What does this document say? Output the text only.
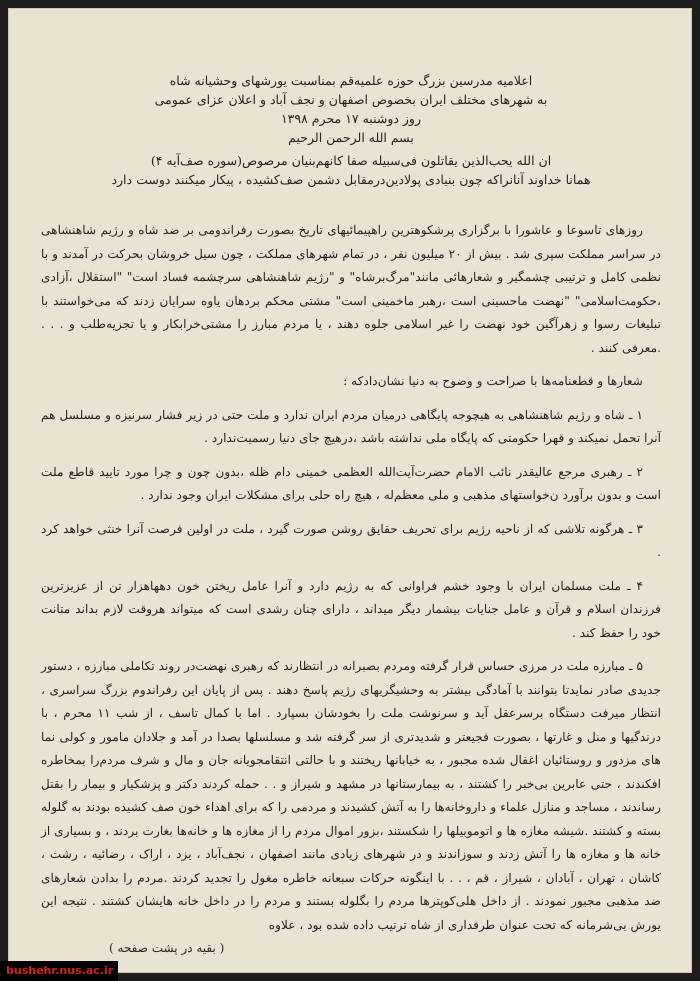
اعلامیه مدرسین بزرگ حوزه علمیه‌قم بمناسبت یورشهای وحشیانه شاه
به شهرهای مختلف ایران بخصوص اصفهان و نجف آباد و اعلان عزای عمومی
روز دوشنبه ۱۷ محرم ۱۳۹۸
بسم الله الرحمن الرحیم
ان الله یحب‌الذین یقاتلون فی‌سبیله صفا کانهم‌بنیان مرصوص(سوره صف‌آیه ۴)
همانا خداوند آنانراکه چون بنیادی پولادین‌درمقابل دشمن صف‌کشیده ، پیکار میکنند دوست دارد

روزهای تاسوعا و عاشورا با برگزاری پرشکوهترین راهپیمائیهای تاریخ بصورت رفراندومی بر ضد شاه و رژیم شاهنشاهی در سراسر مملکت سپری شد . بیش از ۲۰ میلیون نفر ، در تمام شهرهای مملکت ، چون سیل خروشان بحرکت در آمدند و با نظمی کامل و ترتیبی چشمگیر و شعارهائی مانند"مرگ‌برشاه" و "رژیم شاهنشاهی سرچشمه فساد است" "استقلال ،آزادی ،حکومت‌اسلامی" "نهضت ماحسینی است ،رهبر ماخمینی است" مشتی محکم بردهان یاوه سرایان زدند که می‌خواستند با تبلیغات رسوا و زهرآگین خود نهضت را غیر اسلامی جلوه دهند ، یا مردم مبارز را مشتی‌خرابکار و یا تجزیه‌طلب و . . . .معرفی کنند .

شعارها و قطعنامه‌ها با صراحت و وضوح به دنیا نشان‌دادکه :

۱ ـ شاه و رژیم شاهنشاهی به هیچوجه پایگاهی درمیان مردم ایران ندارد و ملت حتی در زیر فشار سرنیزه و مسلسل هم آنرا تحمل نمیکند و قهرا حکومتی که پایگاه ملی نداشته باشد ،درهیچ جای دنیا رسمیت‌ندارد .

۲ ـ رهبری مرجع عالیقدر نائب الامام حضرت‌آیت‌الله العظمی خمینی دام ظله ،بدون چون و چرا مورد تایید قاطع ملت است و بدون برآورد ن‌خواستهای مذهبی و ملی معظم‌له ، هیچ راه حلی برای مشکلات ایران وجود ندارد .

۳ ـ هرگونه تلاشی که از ناحیه رژیم برای تحریف حقایق روشن صورت گیرد ، ملت در اولین فرصت آنرا خنثی خواهد کرد .

۴ ـ ملت مسلمان ایران با وجود خشم فراوانی که به رژیم دارد و آنرا عامل ریختن خون دهها‌هزار تن از عزیزترین فرزندان اسلام و قرآن و عامل جنایات بیشمار دیگر میداند ، دارای چنان رشدی است که میتواند هروقت لازم بداند متانت خود را حفظ کند .

۵ ـ مبارزه ملت در مرزی حساس قرار گرفته ومردم بصبرانه در انتظارند که رهبری نهضت‌در روند تکاملی مبارزه ، دستور جدیدی صادر نمایدتا بتوانند با آمادگی بیشتر به وحشیگریهای رژیم پاسخ دهند . پس از پایان این رفراندوم بزرگ سراسری ، انتظار میرفت دستگاه برسرعقل آید و سرنوشت ملت را بخودشان بسپارد . اما با کمال تاسف ، از شب ۱۱ محرم ، با درندگیها و منل و غارتها ، بصورت فجیعتر و شدیدتری از سر گرفته شد و مسلسلها بصدا در آمد و جلادان مامور و کولی نما های مزدور و روستائیان اغفال شده مجبور ، به خیابانها ریختند و با حالتی انتقامجویانه جان و مال و شرف مردم‌را بمخاطره افکندند ، حتی عابرین بی‌خبر را کشتند ، به بیمارستانها در مشهد و شیراز و . . حمله کردند دکتر و پزشکیار و بیمار را بقتل رساندند ، مساجد و منازل علماء و داروخانه‌ها را به آتش کشیدند و مردمی را که برای اهداء خون صف کشیده بودند به گلوله بسته و کشتند .شیشه مغازه ها و اتوموبیلها را شکستند ،بزور اموال مردم را از مغازه ها و خانه‌ها بغارت بردند ، و بسیاری از خانه ها و مغازه ها را آتش زدند و سوزاندند و در شهرهای زیادی مانند اصفهان ، نجف‌آباد ، یزد ، اراک ، رضائیه ، رشت ، کاشان ، تهران ، آبادان ، شیراز ، قم ، . . با اینگونه حرکات سبعانه خاطره مغول را تجدید کردند .مردم را بدادن شعارهای ضد مذهبی مجبور نمودند . از داخل هلی‌کوپترها مردم را بگلوله بستند و مردم را در داخل خانه هایشان کشتند . نتیجه این یورش بی‌شرمانه که تحت عنوان طرفداری از شاه ترتیب داده شده بود ، علاوه

( بقیه در پشت صفحه )
bushehr.nus.ac.ir
